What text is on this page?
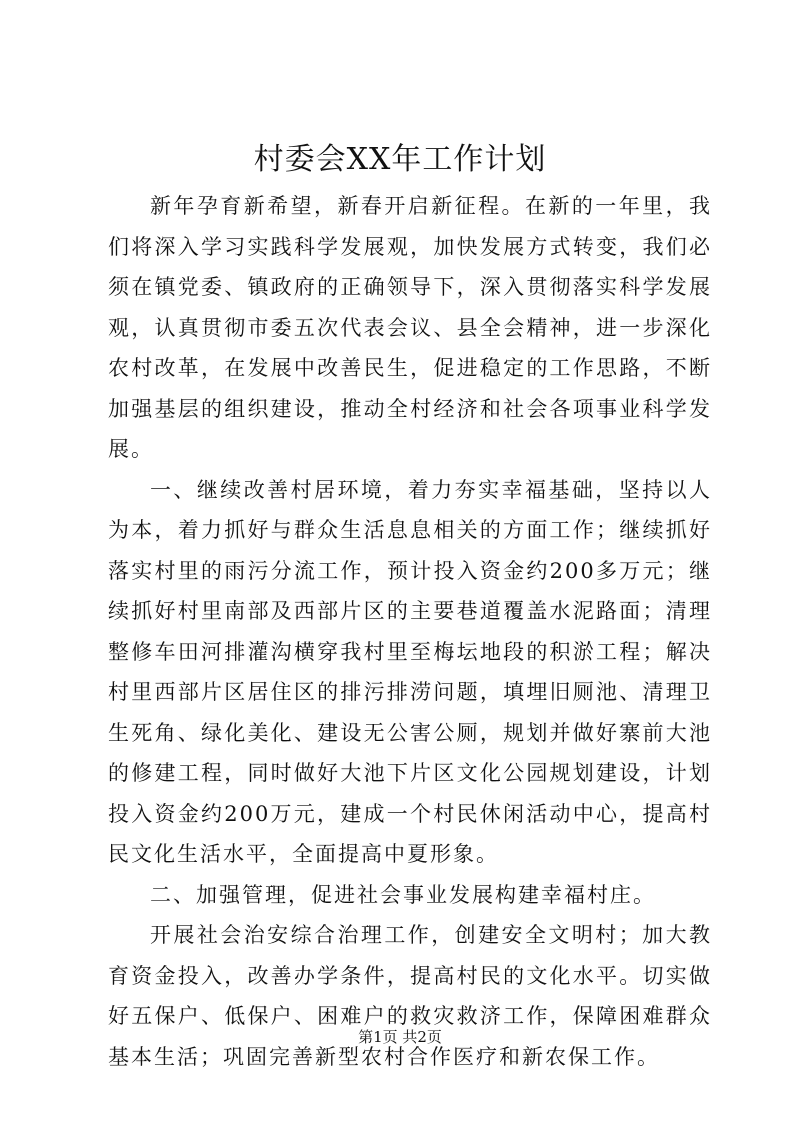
村委会XX年工作计划

新年孕育新希望，新春开启新征程。在新的一年里，我们将深入学习实践科学发展观，加快发展方式转变，我们必须在镇党委、镇政府的正确领导下，深入贯彻落实科学发展观，认真贯彻市委五次代表会议、县全会精神，进一步深化农村改革，在发展中改善民生，促进稳定的工作思路，不断加强基层的组织建设，推动全村经济和社会各项事业科学发展。

一、继续改善村居环境，着力夯实幸福基础，坚持以人为本，着力抓好与群众生活息息相关的方面工作；继续抓好落实村里的雨污分流工作，预计投入资金约200多万元；继续抓好村里南部及西部片区的主要巷道覆盖水泥路面；清理整修车田河排灌沟横穿我村里至梅坛地段的积淤工程；解决村里西部片区居住区的排污排涝问题，填埋旧厕池、清理卫生死角、绿化美化、建设无公害公厕，规划并做好寨前大池的修建工程，同时做好大池下片区文化公园规划建设，计划投入资金约200万元，建成一个村民休闲活动中心，提高村民文化生活水平，全面提高中夏形象。

二、加强管理，促进社会事业发展构建幸福村庄。

开展社会治安综合治理工作，创建安全文明村；加大教育资金投入，改善办学条件，提高村民的文化水平。切实做好五保户、低保户、困难户的救灾救济工作，保障困难群众基本生活；巩固完善新型农村合作医疗和新农保工作。

第1页 共2页
